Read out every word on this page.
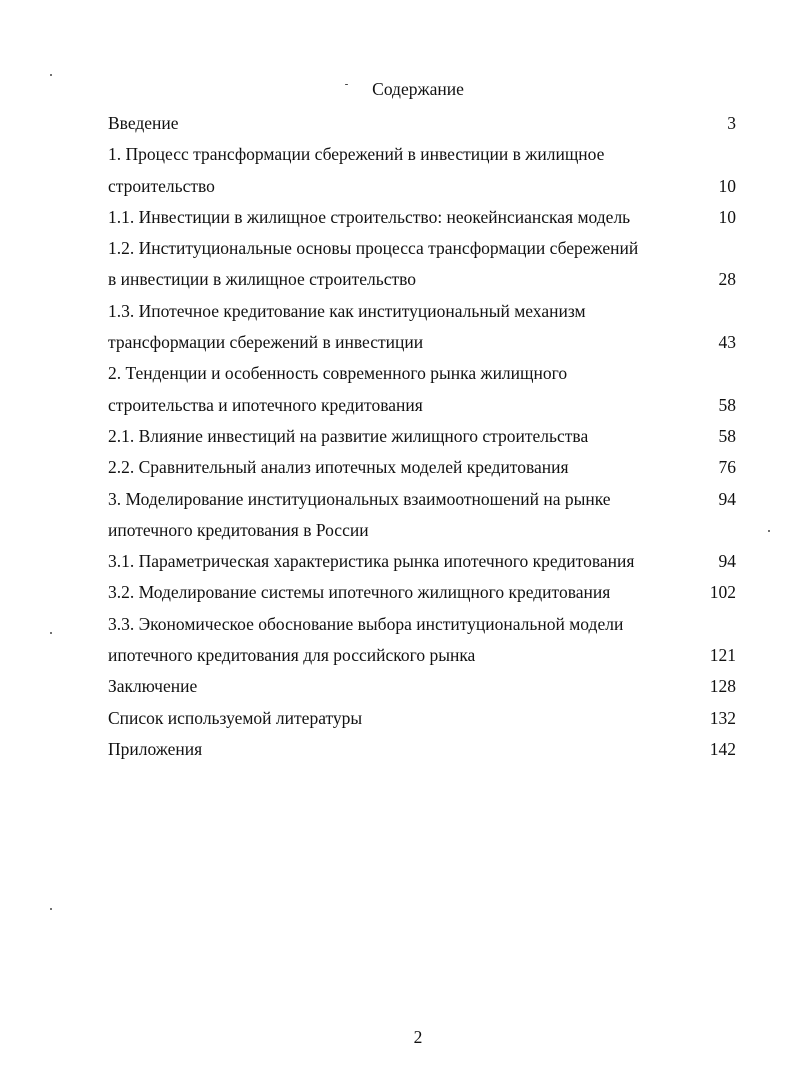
Содержание
Введение	3
1. Процесс трансформации сбережений в инвестиции в жилищное
строительство	10
1.1. Инвестиции в жилищное строительство: неокейнсианская модель	10
1.2. Институциональные основы процесса трансформации сбережений
в инвестиции в жилищное строительство	28
1.3. Ипотечное кредитование как институциональный механизм
трансформации сбережений в инвестиции	43
2. Тенденции и особенность современного рынка жилищного
строительства и ипотечного кредитования	58
2.1. Влияние инвестиций на развитие жилищного строительства	58
2.2. Сравнительный анализ ипотечных моделей кредитования	76
3. Моделирование институциональных взаимоотношений на рынке	94
ипотечного кредитования в России
3.1. Параметрическая характеристика рынка ипотечного кредитования	94
3.2. Моделирование системы ипотечного жилищного кредитования	102
3.3. Экономическое обоснование выбора институциональной модели
ипотечного кредитования для российского рынка	121
Заключение	128
Список используемой литературы	132
Приложения	142
2
